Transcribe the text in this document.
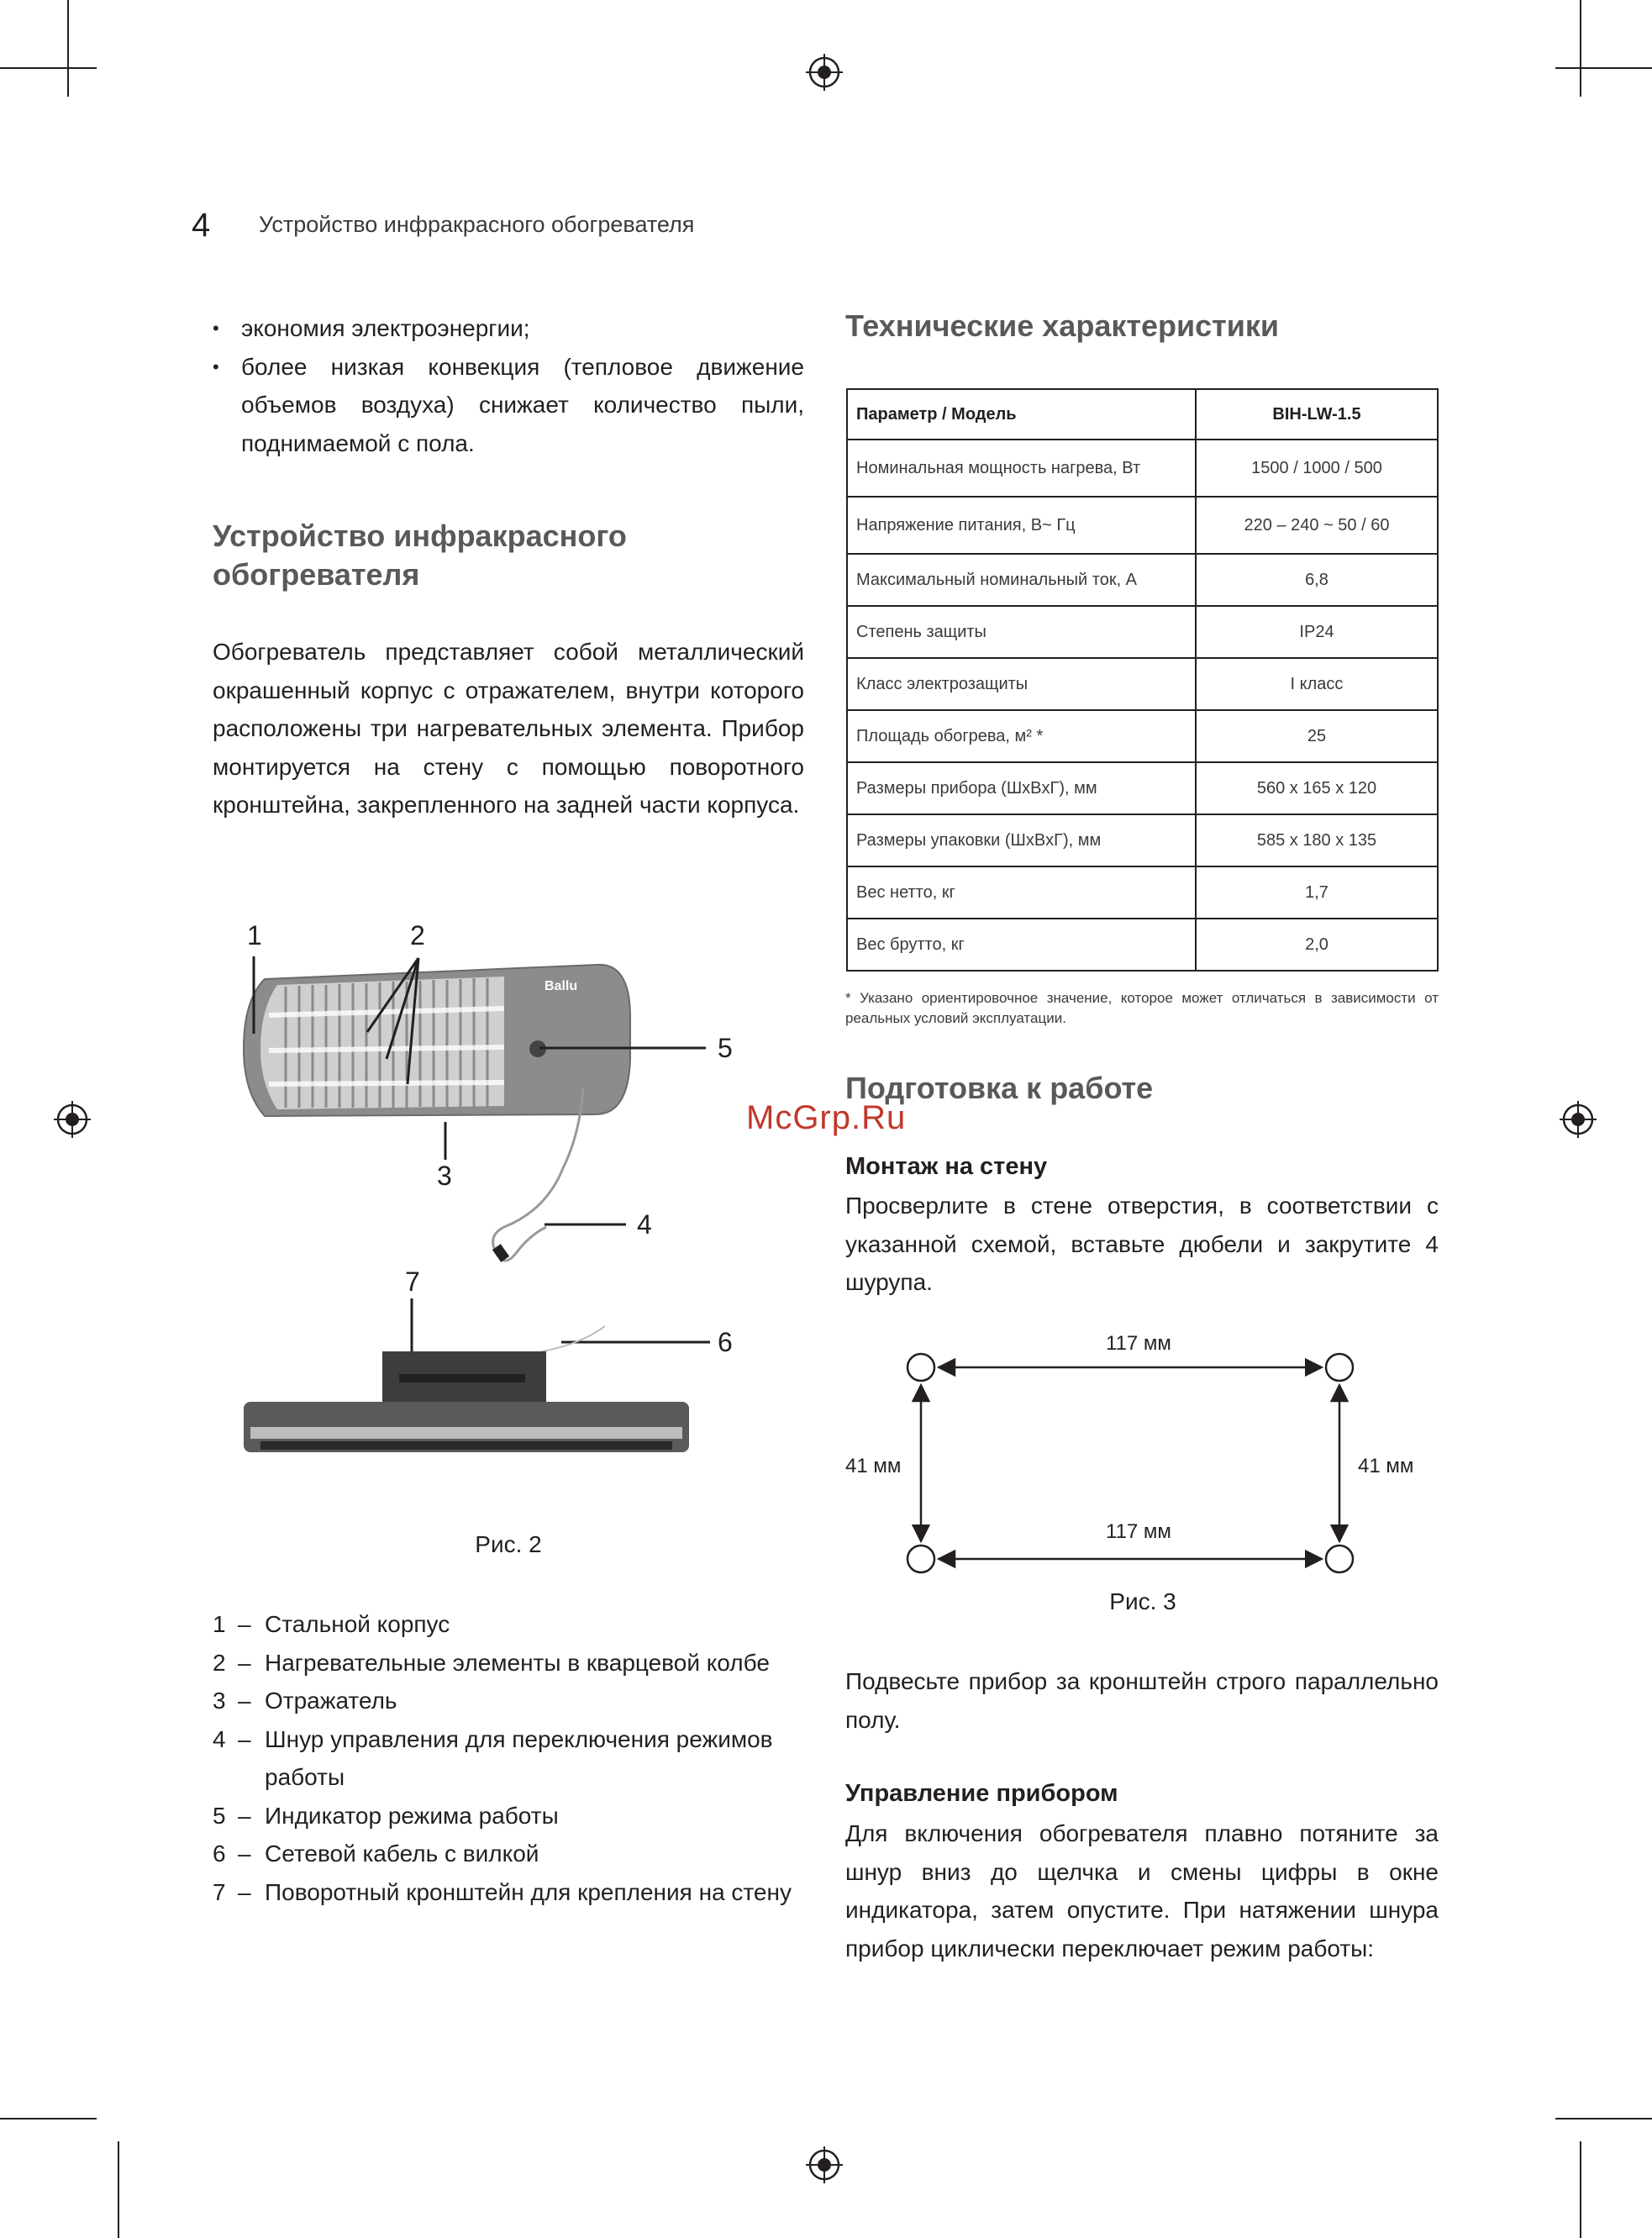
4 Устройство инфракрасного обогревателя
• экономия электроэнергии;
• более низкая конвекция (тепловое движение объемов воздуха) снижает количество пыли, поднимаемой с пола.
Устройство инфракрасного
обогревателя

Обогреватель представляет собой металлический окрашенный корпус с отражателем, внутри которого расположены три нагревательных элемента. Прибор монтируется на стену с помощью поворотного кронштейна, закрепленного на задней части корпуса.

Ballu
1	2
3
4
5
6
7
Рис. 2
1 – Стальной корпус
2 – Нагревательные элементы в кварцевой колбе
3 – Отражатель
4 – Шнур управления для переключения режимов работы
5 – Индикатор режима работы
6 – Сетевой кабель с вилкой
7 – Поворотный кронштейн для крепления на стену
Технические характеристики
Параметр / Модель	BIH-LW-1.5
Номинальная мощность нагрева, Вт	1500 / 1000 / 500
Напряжение питания, В~ Гц	220 – 240 ~ 50 / 60
Максимальный номинальный ток, А	6,8
Степень защиты	IP24
Класс электрозащиты	I класс
Площадь обогрева, м² *	25
Размеры прибора (ШxВxГ), мм	560 x 165 x 120
Размеры упаковки (ШxВxГ), мм	585 x 180 x 135
Вес нетто, кг	1,7
Вес брутто, кг	2,0

* Указано ориентировочное значение, которое может отличаться в зависимости от реальных условий эксплуатации.

Подготовка к работе
McGrp.Ru
Монтаж на стену

Просверлите в стене отверстия, в соответствии с указанной схемой, вставьте дюбели и закрутите 4 шурупа.

117 мм
117 мм
41 мм	41 мм
Рис. 3

Подвесьте прибор за кронштейн строго параллельно полу.

Управление прибором

Для включения обогревателя плавно потяните за шнур вниз до щелчка и смены цифры в окне индикатора, затем опустите. При натяжении шнура прибор циклически переключает режим работы:
